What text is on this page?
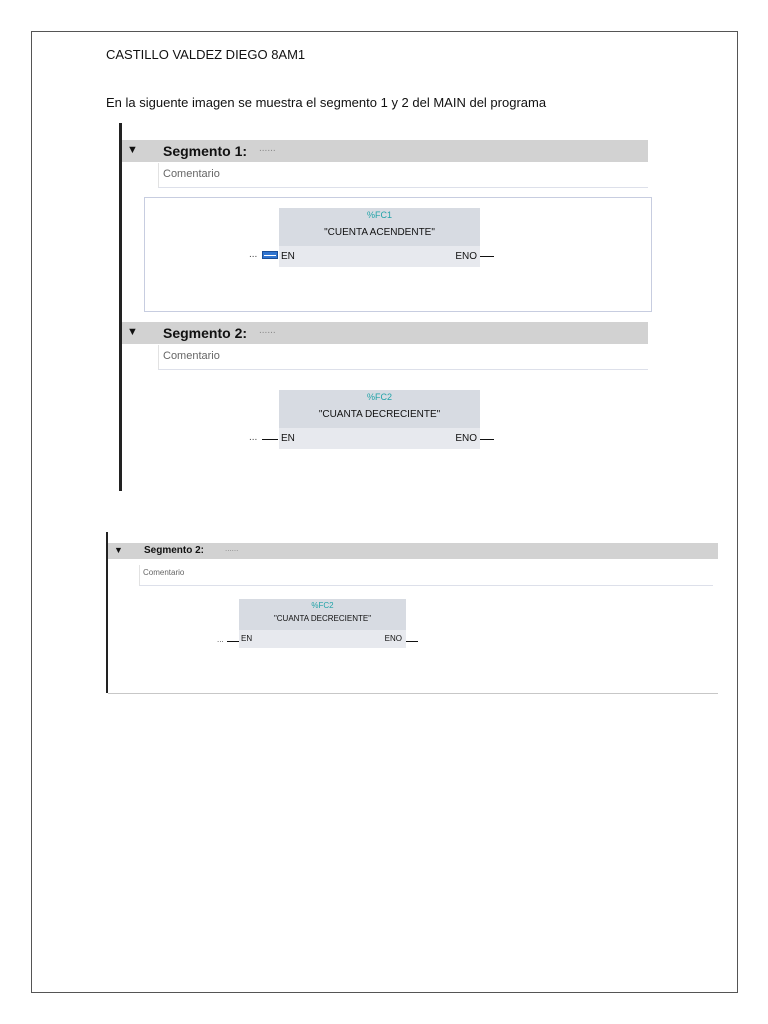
CASTILLO VALDEZ DIEGO 8AM1
En la siguente imagen se muestra el segmento 1 y 2 del MAIN del programa
▼ Segmento 1: ......
Comentario
%FC1
"CUENTA ACENDENTE"
EN	ENO
...
▼ Segmento 2: ......
Comentario
%FC2
"CUANTA DECRECIENTE"
EN	ENO
...
▼ Segmento 2:	......
Comentario
%FC2
"CUANTA DECRECIENTE"
EN	ENO
...
